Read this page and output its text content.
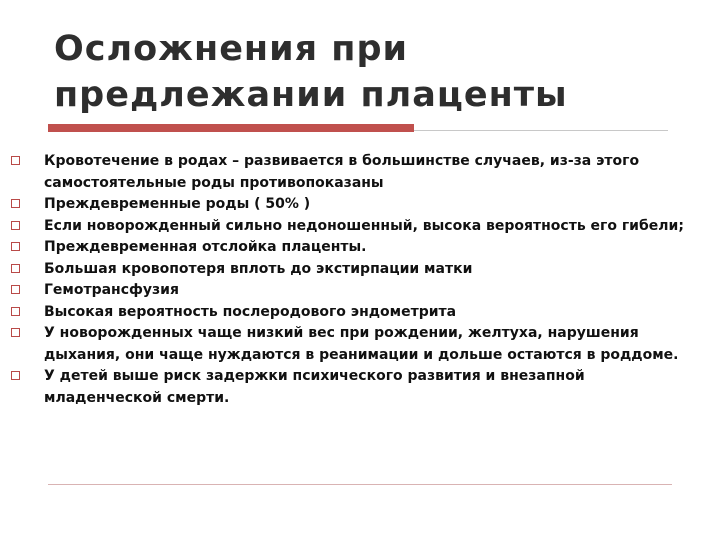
Осложнения при
предлежании плаценты
Кровотечение в родах – развивается в большинстве случаев, из-за этого самостоятельные роды противопоказаны
Преждевременные роды ( 50% )
Если новорожденный сильно недоношенный, высока вероятность его гибели;
Преждевременная отслойка плаценты.
Большая кровопотеря вплоть до экстирпации матки
Гемотрансфузия
Высокая вероятность послеродового эндометрита
У новорожденных чаще низкий вес при рождении, желтуха, нарушения дыхания, они чаще нуждаются в реанимации и дольше остаются в роддоме.
У детей выше риск задержки психического развития и внезапной младенческой смерти.
